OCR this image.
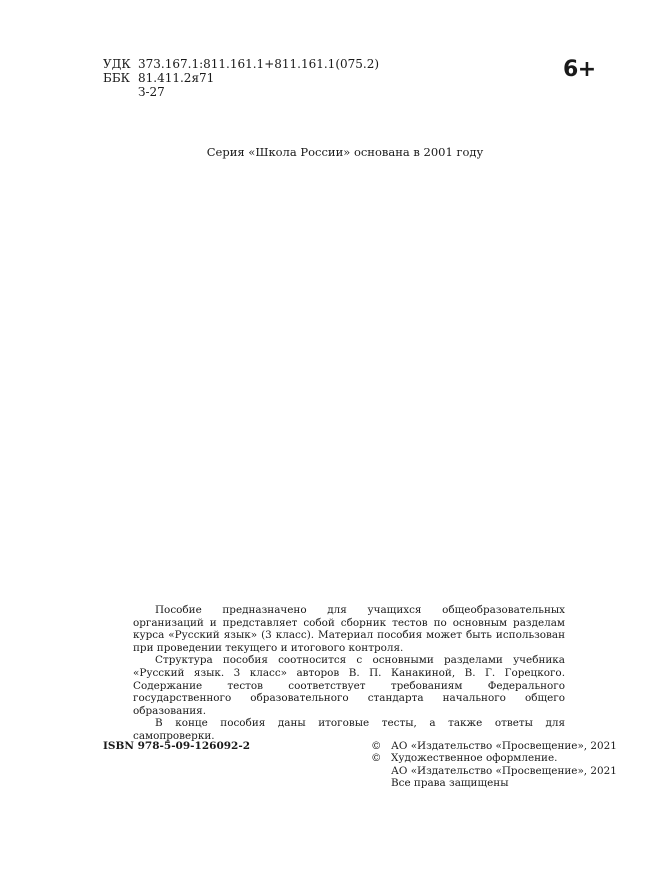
УДК 373.167.1:811.161.1+811.161.1(075.2)
ББК 81.411.2я71
З-27
6+
Серия «Школа России» основана в 2001 году

Пособие предназначено для учащихся общеобразовательных организаций и представляет собой сборник тестов по основным разделам курса «Русский язык» (3 класс). Материал пособия может быть использован при проведении текущего и итогового контроля.

Структура пособия соотносится с основными разделами учебника «Русский язык. 3 класс» авторов В. П. Канакиной, В. Г. Горецкого. Содержание тестов соответствует требованиям Федерального государственного образовательного стандарта начального общего образования.

В конце пособия даны итоговые тесты, а также ответы для самопроверки.

ISBN 978-5-09-126092-2	© АО «Издательство «Просвещение», 2021
© Художественное оформление.
АО «Издательство «Просвещение», 2021
Все права защищены
